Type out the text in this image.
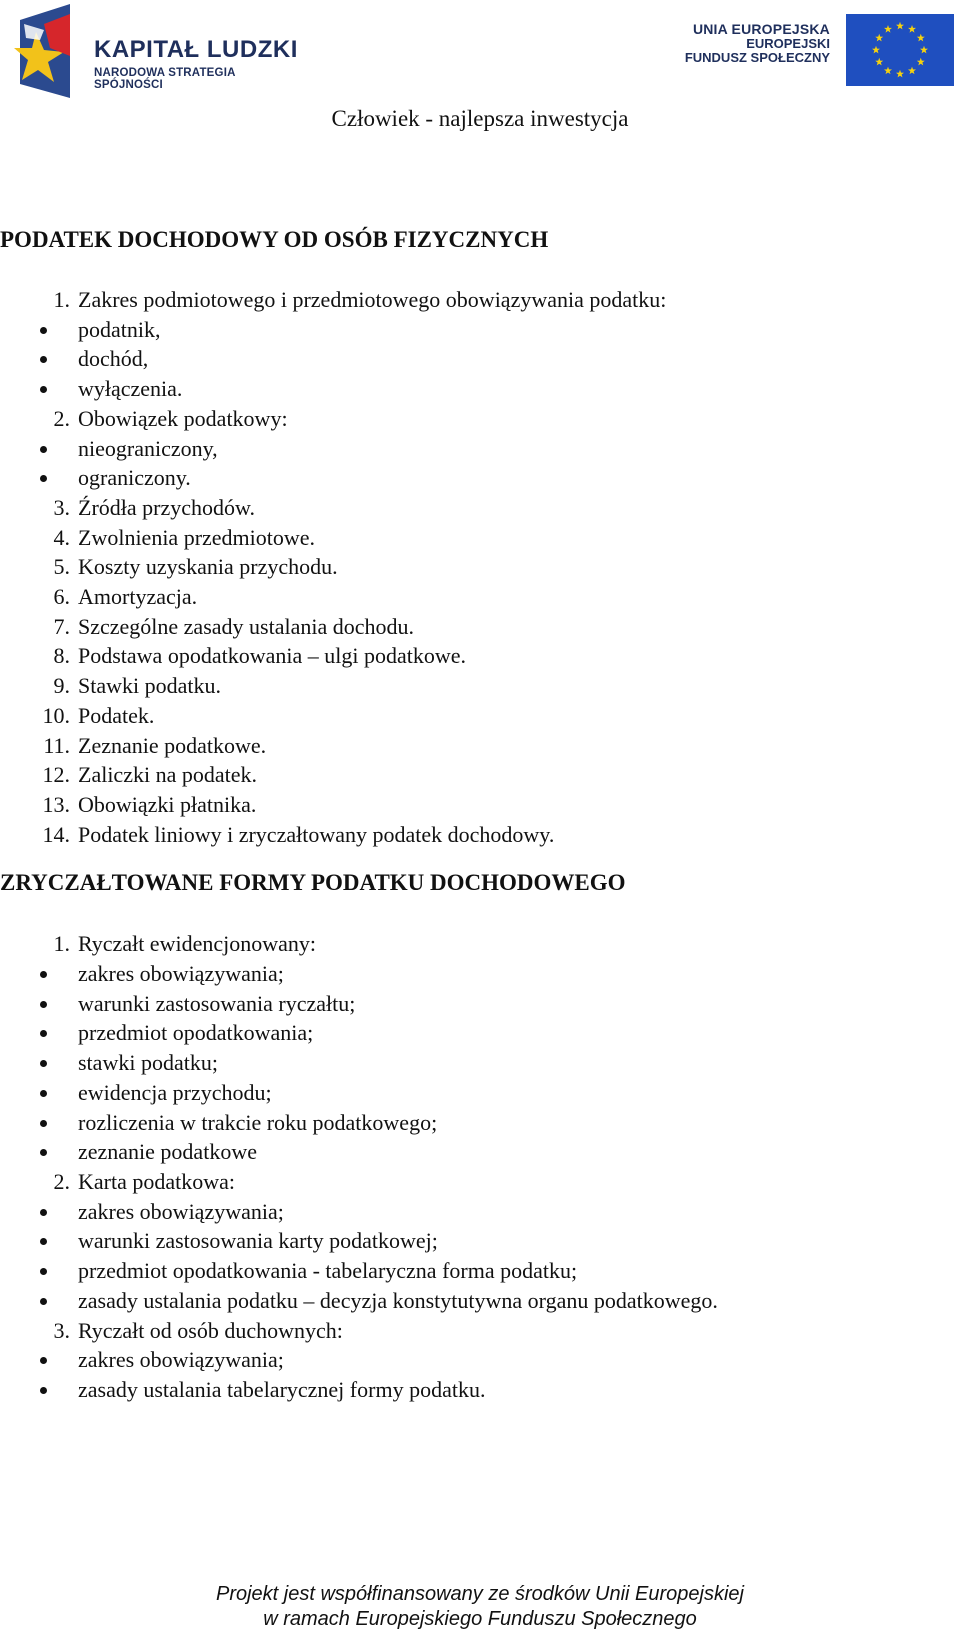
KAPITAŁ LUDZKI
NARODOWA STRATEGIA SPÓJNOŚCI
UNIA EUROPEJSKA
EUROPEJSKI
FUNDUSZ SPOŁECZNY
Człowiek - najlepsza inwestycja
PODATEK DOCHODOWY OD OSÓB FIZYCZNYCH
1. Zakres podmiotowego i przedmiotowego obowiązywania podatku:
podatnik,
dochód,
wyłączenia.
2. Obowiązek podatkowy:
nieograniczony,
ograniczony.
3. Źródła przychodów.
4. Zwolnienia przedmiotowe.
5. Koszty uzyskania przychodu.
6. Amortyzacja.
7. Szczególne zasady ustalania dochodu.
8. Podstawa opodatkowania – ulgi podatkowe.
9. Stawki podatku.
10. Podatek.
11. Zeznanie podatkowe.
12. Zaliczki na podatek.
13. Obowiązki płatnika.
14. Podatek liniowy i zryczałtowany podatek dochodowy.
ZRYCZAŁTOWANE FORMY PODATKU DOCHODOWEGO
1. Ryczałt ewidencjonowany:
zakres obowiązywania;
warunki zastosowania ryczałtu;
przedmiot opodatkowania;
stawki podatku;
ewidencja przychodu;
rozliczenia w trakcie roku podatkowego;
zeznanie podatkowe
2. Karta podatkowa:
zakres obowiązywania;
warunki zastosowania karty podatkowej;
przedmiot opodatkowania - tabelaryczna forma podatku;
zasady ustalania podatku – decyzja konstytutywna organu podatkowego.
3. Ryczałt od osób duchownych:
zakres obowiązywania;
zasady ustalania tabelarycznej formy podatku.
Projekt jest współfinansowany ze środków Unii Europejskiej
w ramach Europejskiego Funduszu Społecznego
